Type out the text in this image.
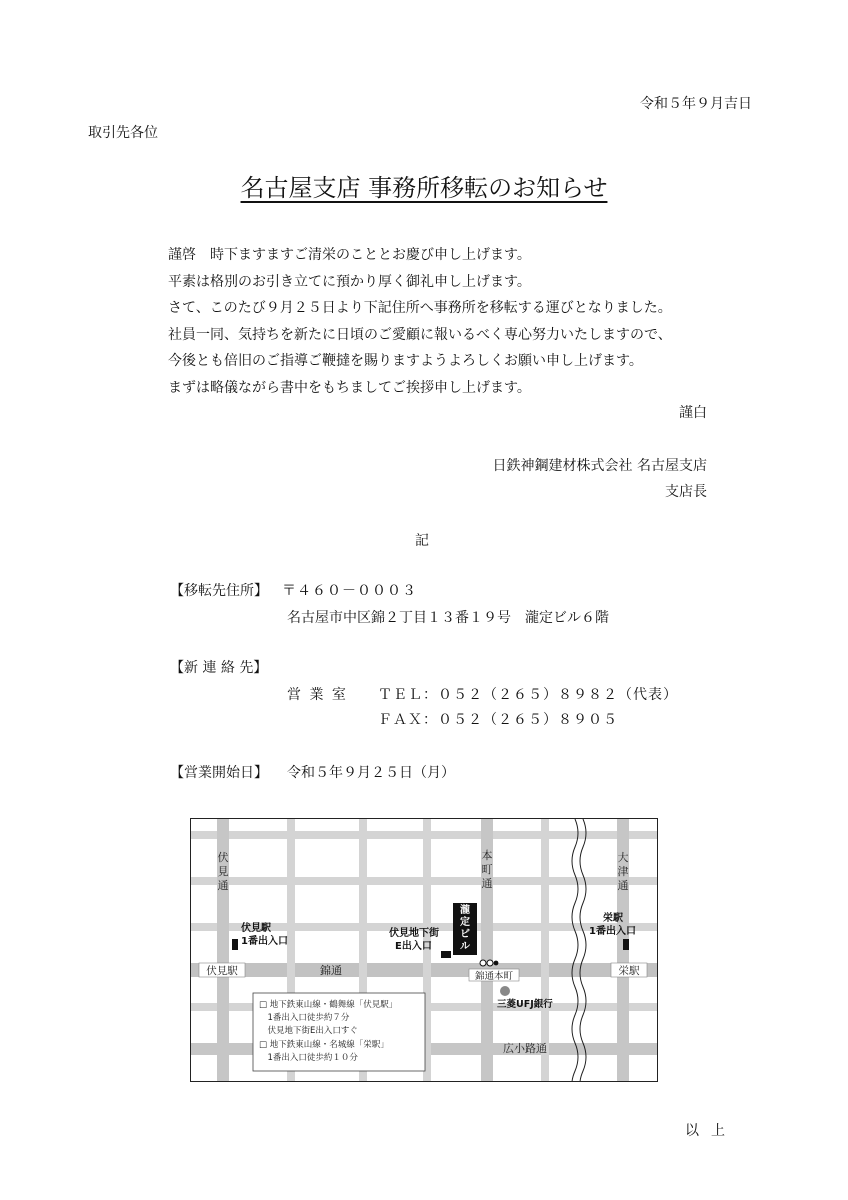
令和５年９月吉日
取引先各位
名古屋支店 事務所移転のお知らせ
謹啓　時下ますますご清栄のこととお慶び申し上げます。
平素は格別のお引き立てに預かり厚く御礼申し上げます。
さて、このたび９月２５日より下記住所へ事務所を移転する運びとなりました。
社員一同、気持ちを新たに日頃のご愛顧に報いるべく専心努力いたしますので、
今後とも倍旧のご指導ご鞭撻を賜りますようよろしくお願い申し上げます。
まずは略儀ながら書中をもちましてご挨拶申し上げます。
謹白
日鉄神鋼建材株式会社 名古屋支店
支店長
記
【移転先住所】 〒４６０－０００３
名古屋市中区錦２丁目１３番１９号　瀧定ビル６階
【新 連 絡 先】
営 業 室 ＴＥＬ：０５２（２６５）８９８２（代表）
ＦＡＸ：０５２（２６５）８９０５
【営業開始日】 令和５年９月２５日（月）
伏見通
本町通
大津通
伏見駅	栄駅
錦通
広小路通
伏見駅
1番出入口
伏見地下街
E出入口
瀧定ビル
錦通本町
三菱UFJ銀行
栄駅
1番出入口
□ 地下鉄東山線・鶴舞線「伏見駅」
　1番出入口徒歩約７分
　伏見地下街E出入口すぐ
□ 地下鉄東山線・名城線「栄駅」
　1番出入口徒歩約１０分
以上
